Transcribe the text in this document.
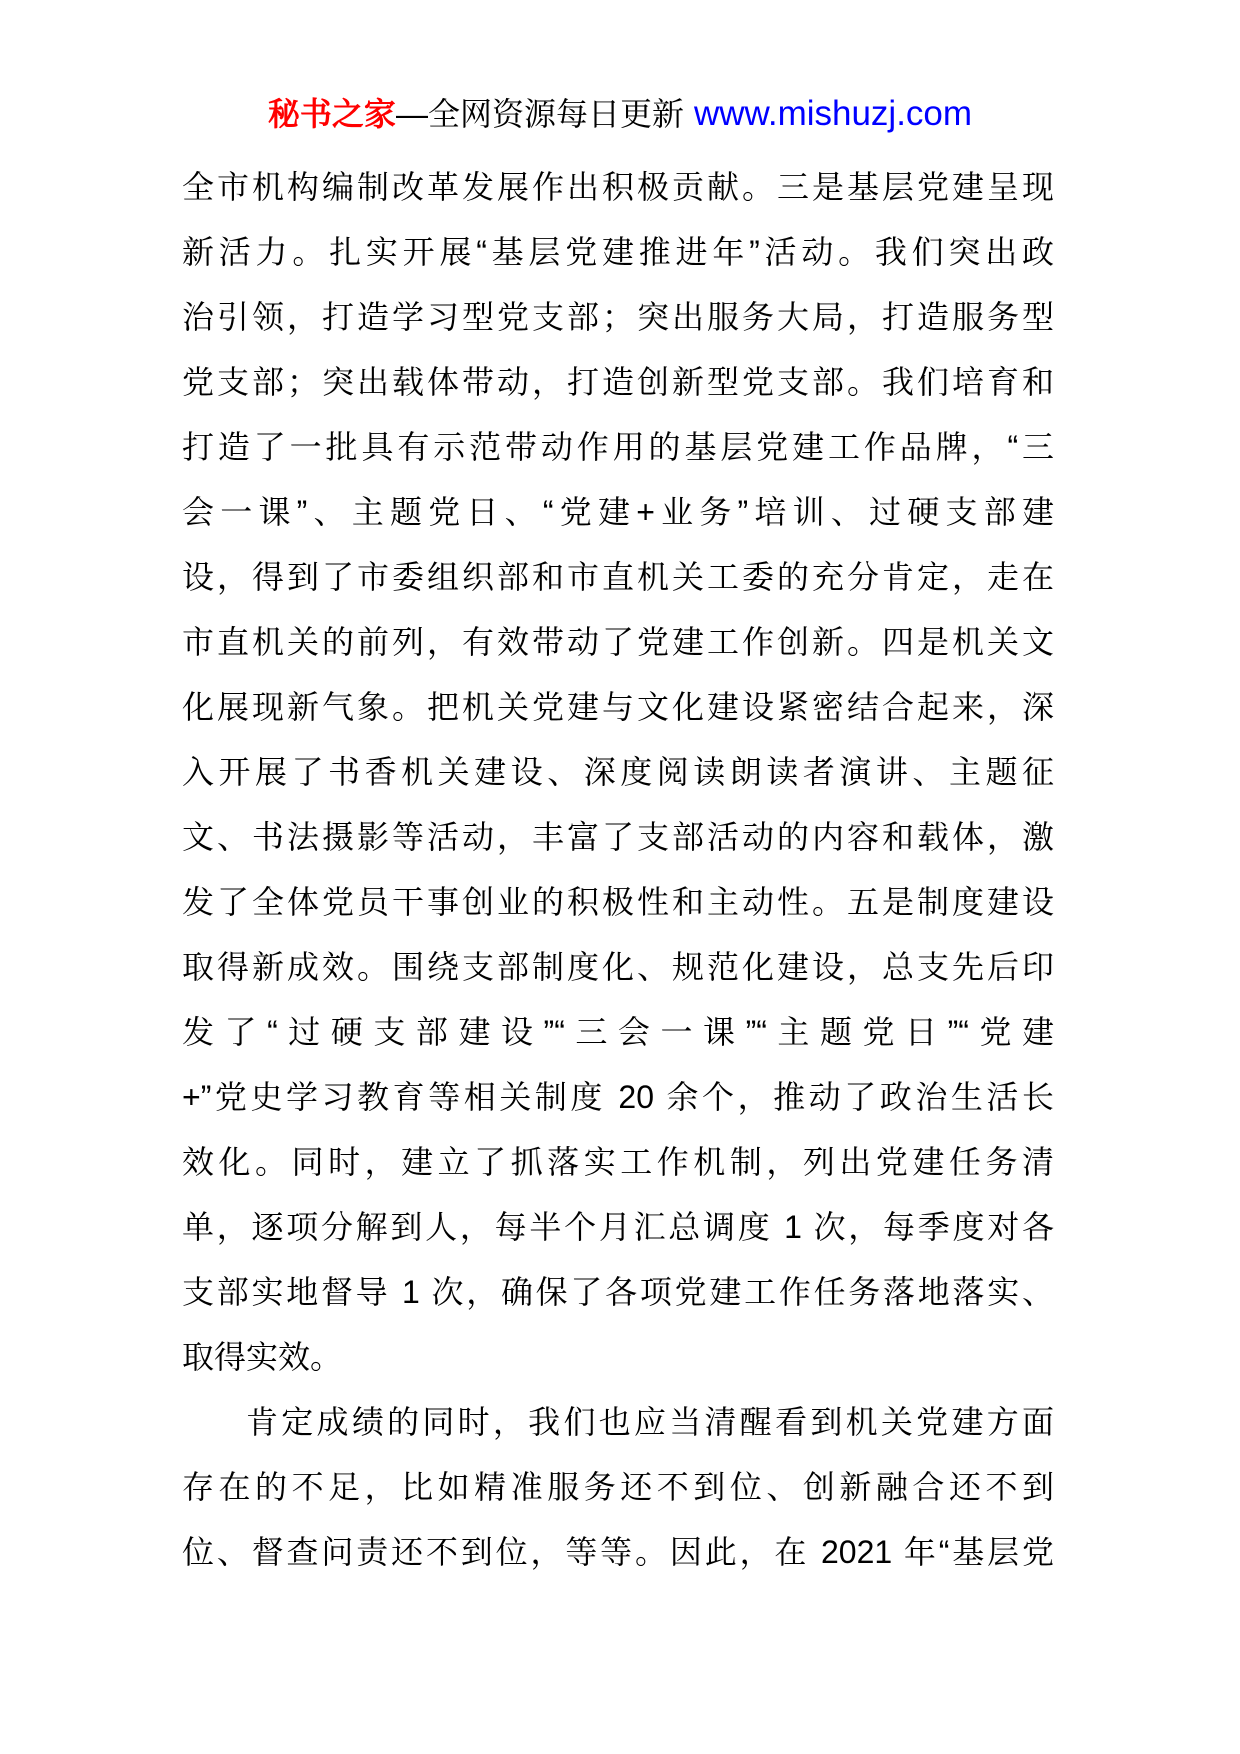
秘书之家—全网资源每日更新 www.mishuzj.com
全市机构编制改革发展作出积极贡献。三是基层党建呈现
新活力。扎实开展“基层党建推进年”活动。我们突出政
治引领，打造学习型党支部；突出服务大局，打造服务型
党支部；突出载体带动，打造创新型党支部。我们培育和
打造了一批具有示范带动作用的基层党建工作品牌，“三
会一课”、主题党日、“党建+业务”培训、过硬支部建
设，得到了市委组织部和市直机关工委的充分肯定，走在
市直机关的前列，有效带动了党建工作创新。四是机关文
化展现新气象。把机关党建与文化建设紧密结合起来，深
入开展了书香机关建设、深度阅读朗读者演讲、主题征
文、书法摄影等活动，丰富了支部活动的内容和载体，激
发了全体党员干事创业的积极性和主动性。五是制度建设
取得新成效。围绕支部制度化、规范化建设，总支先后印
发了“过硬支部建设”“三会一课”“主题党日”“党建
+”党史学习教育等相关制度 20 余个，推动了政治生活长
效化。同时，建立了抓落实工作机制，列出党建任务清
单，逐项分解到人，每半个月汇总调度 1 次，每季度对各
支部实地督导 1 次，确保了各项党建工作任务落地落实、
取得实效。
肯定成绩的同时，我们也应当清醒看到机关党建方面
存在的不足，比如精准服务还不到位、创新融合还不到
位、督查问责还不到位，等等。因此，在 2021 年“基层党
